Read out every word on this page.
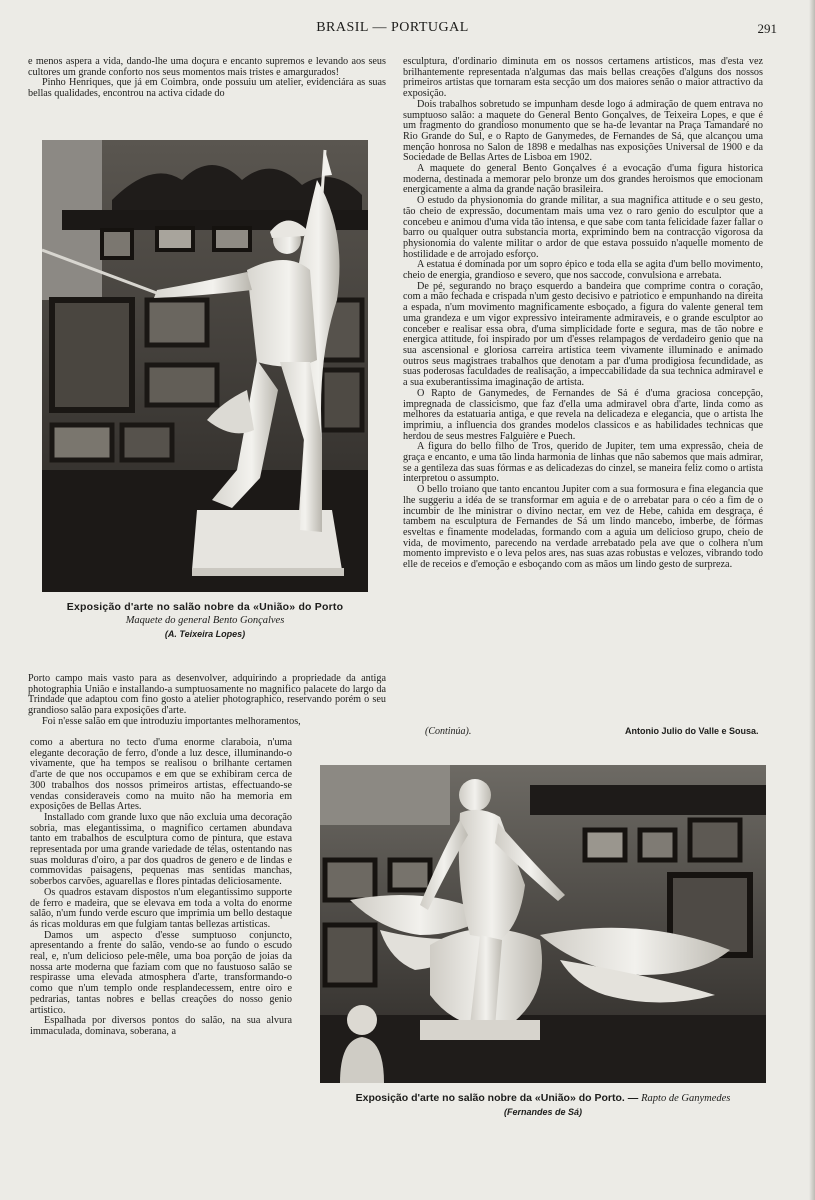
BRASIL — PORTUGAL	291

e menos aspera a vida, dando-lhe uma doçura e encanto supremos e levando aos seus cultores um grande conforto nos seus momentos mais tristes e amargurados!

Pinho Henriques, que já em Coimbra, onde possuiu um atelier, evidenciára as suas bellas qualidades, encontrou na activa cidade do

Exposição d'arte no salão nobre da «União» do Porto
Maquete do general Bento Gonçalves
(A. Teixeira Lopes)

Porto campo mais vasto para as desenvolver, adquirindo a propriedade da antiga photographia União e installando-a sumptuosamente no magnifico palacete do largo da Trindade que adaptou com fino gosto a atelier photographico, reservando porém o seu grandioso salão para exposições d'arte.

Foi n'esse salão em que introduziu importantes melhoramentos,

como a abertura no tecto d'uma enorme claraboia, n'uma elegante decoração de ferro, d'onde a luz desce, illuminando-o vivamente, que ha tempos se realisou o brilhante certamen d'arte de que nos occupamos e em que se exhibiram cerca de 300 trabalhos dos nossos primeiros artistas, effectuando-se vendas consideraveis como na muito não ha memoria em exposições de Bellas Artes.

Installado com grande luxo que não excluia uma decoração sobria, mas elegantissima, o magnifico certamen abundava tanto em trabalhos de esculptura como de pintura, que estava representada por uma grande variedade de télas, ostentando nas suas molduras d'oiro, a par dos quadros de genero e de lindas e commovidas paisagens, pequenas mas sentidas manchas, soberbos carvões, aguarellas e flores pintadas deliciosamente.

Os quadros estavam dispostos n'um elegantissimo supporte de ferro e madeira, que se elevava em toda a volta do enorme salão, n'um fundo verde escuro que imprimia um bello destaque ás ricas molduras em que fulgiam tantas bellezas artisticas.

Damos um aspecto d'esse sumptuoso conjuncto, apresentando a frente do salão, vendo-se ao fundo o escudo real, e, n'um delicioso pele-mêle, uma boa porção de joias da nossa arte moderna que faziam com que no faustuoso salão se respirasse uma elevada atmosphera d'arte, transformando-o como que n'um templo onde resplandecessem, entre oiro e pedrarias, tantas nobres e bellas creações do nosso genio artistico.

Espalhada por diversos pontos do salão, na sua alvura immaculada, dominava, soberana, a

esculptura, d'ordinario diminuta em os nossos certamens artisticos, mas d'esta vez brilhantemente representada n'algumas das mais bellas creações d'alguns dos nossos primeiros artistas que tornaram esta secção um dos maiores senão o maior attractivo da exposição.

Dois trabalhos sobretudo se impunham desde logo á admiração de quem entrava no sumptuoso salão: a maquete do General Bento Gonçalves, de Teixeira Lopes, e que é um fragmento do grandioso monumento que se ha-de levantar na Praça Tamandaré no Rio Grande do Sul, e o Rapto de Ganymedes, de Fernandes de Sá, que alcançou uma menção honrosa no Salon de 1898 e medalhas nas exposições Universal de 1900 e da Sociedade de Bellas Artes de Lisboa em 1902.

A maquete do general Bento Gonçalves é a evocação d'uma figura historica moderna, destinada a memorar pelo bronze um dos grandes heroismos que emocionam energicamente a alma da grande nação brasileira.

O estudo da physionomia do grande militar, a sua magnifica attitude e o seu gesto, tão cheio de expressão, documentam mais uma vez o raro genio do esculptor que a concebeu e animou d'uma vida tão intensa, e que sabe com tanta felicidade fazer fallar o barro ou qualquer outra substancia morta, exprimindo bem na contracção vigorosa da physionomia do valente militar o ardor de que estava possuido n'aquelle momento de hostilidade e de arrojado esforço.

A estatua é dominada por um sopro épico e toda ella se agita d'um bello movimento, cheio de energia, grandioso e severo, que nos saccode, convulsiona e arrebata.

De pé, segurando no braço esquerdo a bandeira que comprime contra o coração, com a mão fechada e crispada n'um gesto decisivo e patriotico e empunhando na direita a espada, n'um movimento magnificamente esboçado, a figura do valente general tem uma grandeza e um vigor expressivo inteiramente admiraveis, e o grande esculptor ao conceber e realisar essa obra, d'uma simplicidade forte e segura, mas de tão nobre e energica attitude, foi inspirado por um d'esses relampagos de verdadeiro genio que na sua ascensional e gloriosa carreira artistica teem vivamente illuminado e animado outros seus magistraes trabalhos que denotam a par d'uma prodigiosa fecundidade, as suas poderosas faculdades de realisação, a impeccabilidade da sua technica admiravel e a sua exuberantissima imaginação de artista.

O Rapto de Ganymedes, de Fernandes de Sá é d'uma graciosa concepção, impregnada de classicismo, que faz d'ella uma admiravel obra d'arte, linda como as melhores da estatuaria antiga, e que revela na delicadeza e elegancia, que o artista lhe imprimiu, a influencia dos grandes modelos classicos e as habilidades technicas que herdou de seus mestres Falguière e Puech.

A figura do bello filho de Tros, querido de Jupiter, tem uma expressão, cheia de graça e encanto, e uma tão linda harmonia de linhas que não sabemos que mais admirar, se a gentileza das suas fórmas e as delicadezas do cinzel, se maneira feliz como o artista interpretou o assumpto.

O bello troiano que tanto encantou Jupiter com a sua formosura e fina elegancia que lhe suggeriu a idéa de se transformar em aguia e de o arrebatar para o céo a fim de o incumbir de lhe ministrar o divino nectar, em vez de Hebe, cahida em desgraça, é tambem na esculptura de Fernandes de Sá um lindo mancebo, imberbe, de fórmas esveltas e finamente modeladas, formando com a aguia um delicioso grupo, cheio de vida, de movimento, parecendo na verdade arrebatado pela ave que o colhera n'um momento imprevisto e o leva pelos ares, nas suas azas robustas e velozes, vibrando todo elle de receios e d'emoção e esboçando com as mãos um lindo gesto de surpreza.

(Continúa).	Antonio Julio do Valle e Sousa.
Exposição d'arte no salão nobre da «União» do Porto. — Rapto de Ganymedes
(Fernandes de Sá)
